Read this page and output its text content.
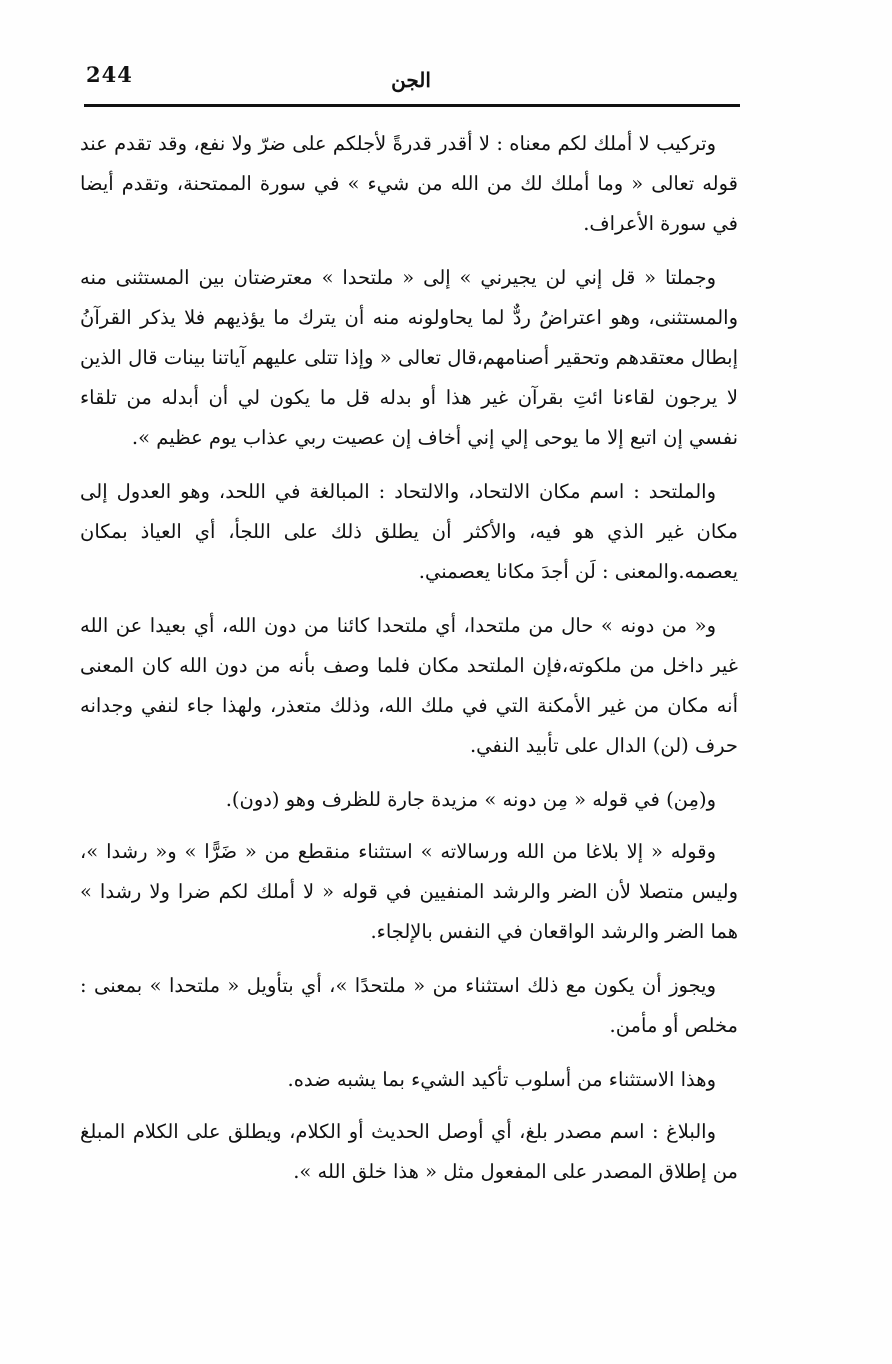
244	الجن

وتركيب لا أملك لكم معناه : لا أقدر قدرةً لأجلكم على ضرّ ولا نفع، وقد تقدم عند قوله تعالى « وما أملك لك من الله من شيء » في سورة الممتحنة، وتقدم أيضا في سورة الأعراف.

وجملتا « قل إني لن يجيرني » إلى « ملتحدا » معترضتان بين المستثنى منه والمستثنى، وهو اعتراضُ ردٌّ لما يحاولونه منه أن يترك ما يؤذيهم فلا يذكر القرآنُ إبطال معتقدهم وتحقير أصنامهم،قال تعالى « وإذا تتلى عليهم آياتنا بينات قال الذين لا يرجون لقاءنا ائتِ بقرآن غير هذا أو بدله قل ما يكون لي أن أبدله من تلقاء نفسي إن اتبع إلا ما يوحى إلي إني أخاف إن عصيت ربي عذاب يوم عظيم ».

والملتحد : اسم مكان الالتحاد، والالتحاد : المبالغة في اللحد، وهو العدول إلى مكان غير الذي هو فيه، والأكثر أن يطلق ذلك على اللجأ، أي العياذ بمكان يعصمه.والمعنى : لَن أجدَ مكانا يعصمني.

و« من دونه » حال من ملتحدا، أي ملتحدا كائنا من دون الله، أي بعيدا عن الله غير داخل من ملكوته،فإن الملتحد مكان فلما وصف بأنه من دون الله كان المعنى أنه مكان من غير الأمكنة التي في ملك الله، وذلك متعذر، ولهذا جاء لنفي وجدانه حرف (لن) الدال على تأبيد النفي.

و(مِن) في قوله « مِن دونه » مزيدة جارة للظرف وهو (دون).

وقوله « إلا بلاغا من الله ورسالاته » استثناء منقطع من « ضَرًّا » و« رشدا »، وليس متصلا لأن الضر والرشد المنفيين في قوله « لا أملك لكم ضرا ولا رشدا » هما الضر والرشد الواقعان في النفس بالإلجاء.

ويجوز أن يكون مع ذلك استثناء من « ملتحدًا »، أي بتأويل « ملتحدا » بمعنى : مخلص أو مأمن.

وهذا الاستثناء من أسلوب تأكيد الشيء بما يشبه ضده.

والبلاغ : اسم مصدر بلغ، أي أوصل الحديث أو الكلام، ويطلق على الكلام المبلغ من إطلاق المصدر على المفعول مثل « هذا خلق الله ».
